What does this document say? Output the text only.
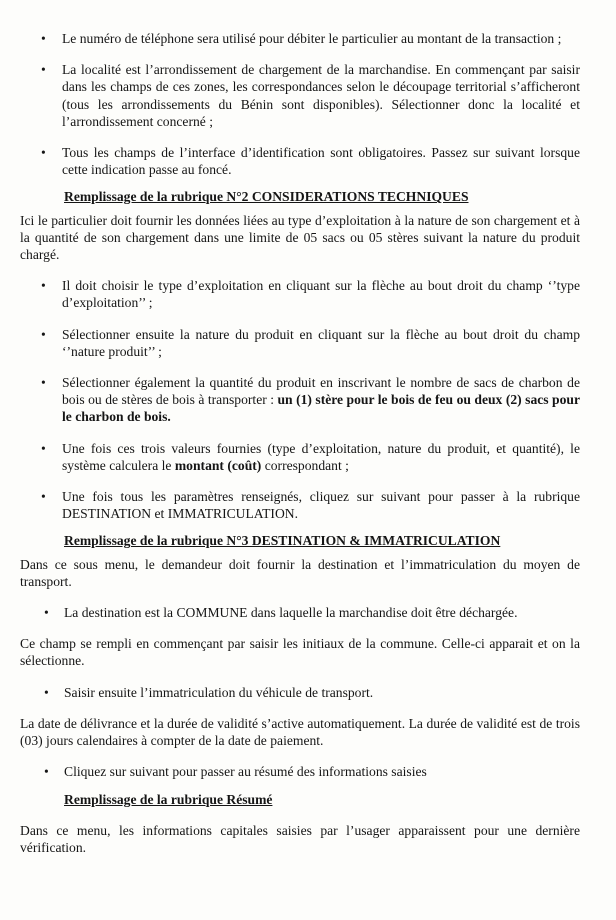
• Le numéro de téléphone sera utilisé pour débiter le particulier au montant de la transaction ;

• La localité est l’arrondissement de chargement de la marchandise. En commençant par saisir dans les champs de ces zones, les correspondances selon le découpage territorial s’afficheront (tous les arrondissements du Bénin sont disponibles). Sélectionner donc la localité et l’arrondissement concerné ;

• Tous les champs de l’interface d’identification sont obligatoires. Passez sur suivant lorsque cette indication passe au foncé.

Remplissage de la rubrique N°2 CONSIDERATIONS TECHNIQUES

Ici le particulier doit fournir les données liées au type d’exploitation à la nature de son chargement et à la quantité de son chargement dans une limite de 05 sacs ou 05 stères suivant la nature du produit chargé.

• Il doit choisir le type d’exploitation en cliquant sur la flèche au bout droit du champ ‘’type d’exploitation’’ ;

• Sélectionner ensuite la nature du produit en cliquant sur la flèche au bout droit du champ ‘’nature produit’’ ;

• Sélectionner également la quantité du produit en inscrivant le nombre de sacs de charbon de bois ou de stères de bois à transporter : un (1) stère pour le bois de feu ou deux (2) sacs pour le charbon de bois.

• Une fois ces trois valeurs fournies (type d’exploitation, nature du produit, et quantité), le système calculera le montant (coût) correspondant ;

• Une fois tous les paramètres renseignés, cliquez sur suivant pour passer à la rubrique DESTINATION et IMMATRICULATION.

Remplissage de la rubrique N°3 DESTINATION & IMMATRICULATION

Dans ce sous menu, le demandeur doit fournir la destination et l’immatriculation du moyen de transport.

• La destination est la COMMUNE dans laquelle la marchandise doit être déchargée.

Ce champ se rempli en commençant par saisir les initiaux de la commune. Celle-ci apparait et on la sélectionne.

• Saisir ensuite l’immatriculation du véhicule de transport.

La date de délivrance et la durée de validité s’active automatiquement. La durée de validité est de trois (03) jours calendaires à compter de la date de paiement.

• Cliquez sur suivant pour passer au résumé des informations saisies

Remplissage de la rubrique Résumé

Dans ce menu, les informations capitales saisies par l’usager apparaissent pour une dernière vérification.
